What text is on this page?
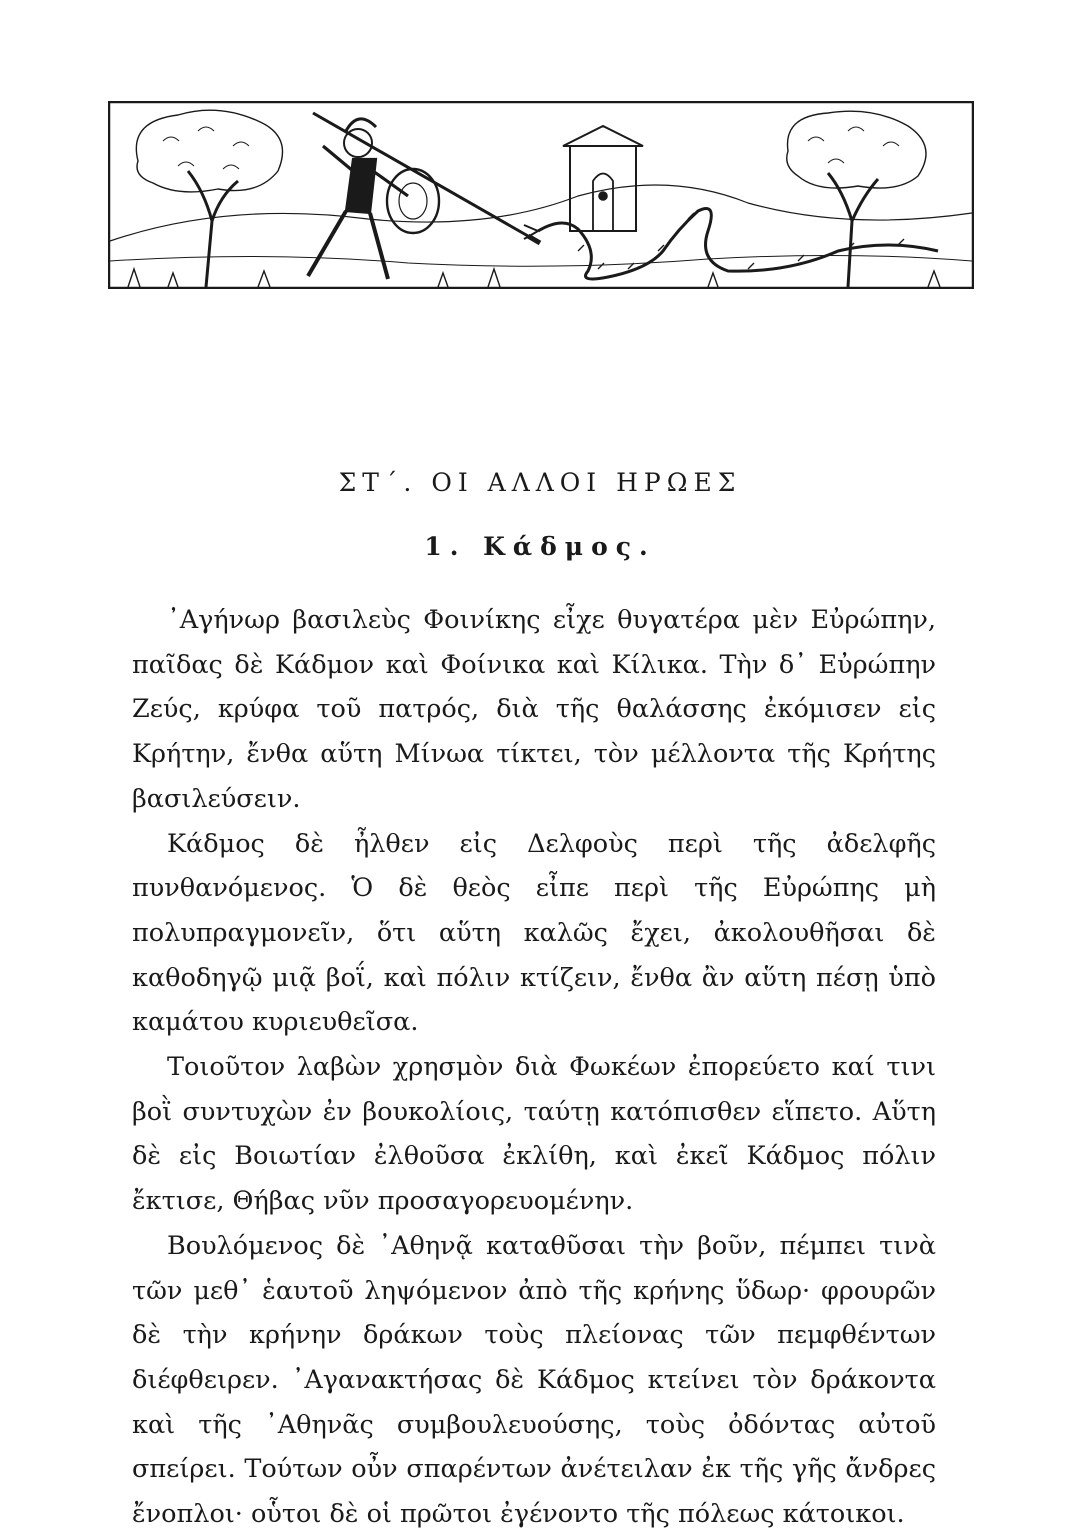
ΣΤ΄. ΟΙ ΑΛΛΟΙ ΗΡΩΕΣ
1. Κάδμος.

᾿Αγήνωρ βασιλεὺς Φοινίκης εἶχε θυγατέρα μὲν Εὐρώπην, παῖδας δὲ Κάδμον καὶ Φοίνικα καὶ Κίλικα. Τὴν δ᾿ Εὐρώπην Ζεύς, κρύφα τοῦ πατρός, διὰ τῆς θαλάσσης ἐκόμισεν εἰς Κρήτην, ἔνθα αὕτη Μίνωα τίκτει, τὸν μέλλοντα τῆς Κρήτης βασιλεύσειν.

Κάδμος δὲ ἦλθεν εἰς Δελφοὺς περὶ τῆς ἀδελφῆς πυνθανόμενος. Ὁ δὲ θεὸς εἶπε περὶ τῆς Εὐρώπης μὴ πολυπραγμονεῖν, ὅτι αὕτη καλῶς ἔχει, ἀκολουθῆσαι δὲ καθοδηγῷ μιᾷ βοΐ, καὶ πόλιν κτίζειν, ἔνθα ἂν αὕτη πέσῃ ὑπὸ καμάτου κυριευθεῖσα.

Τοιοῦτον λαβὼν χρησμὸν διὰ Φωκέων ἐπορεύετο καί τινι βοῒ συντυχὼν ἐν βουκολίοις, ταύτῃ κατόπισθεν εἵπετο. Αὕτη δὲ εἰς Βοιωτίαν ἐλθοῦσα ἐκλίθη, καὶ ἐκεῖ Κάδμος πόλιν ἔκτισε, Θήβας νῦν προσαγορευομένην.

Βουλόμενος δὲ ᾿Αθηνᾷ καταθῦσαι τὴν βοῦν, πέμπει τινὰ τῶν μεθ᾿ ἑαυτοῦ ληψόμενον ἀπὸ τῆς κρήνης ὕδωρ· φρουρῶν δὲ τὴν κρήνην δράκων τοὺς πλείονας τῶν πεμφθέντων διέφθειρεν. ᾿Αγανακτήσας δὲ Κάδμος κτείνει τὸν δράκοντα καὶ τῆς ᾿Αθηνᾶς συμβουλευούσης, τοὺς ὀδόντας αὐτοῦ σπείρει. Τούτων οὖν σπαρέντων ἀνέτειλαν ἐκ τῆς γῆς ἄνδρες ἔνοπλοι· οὗτοι δὲ οἱ πρῶτοι ἐγένοντο τῆς πόλεως κάτοικοι.
